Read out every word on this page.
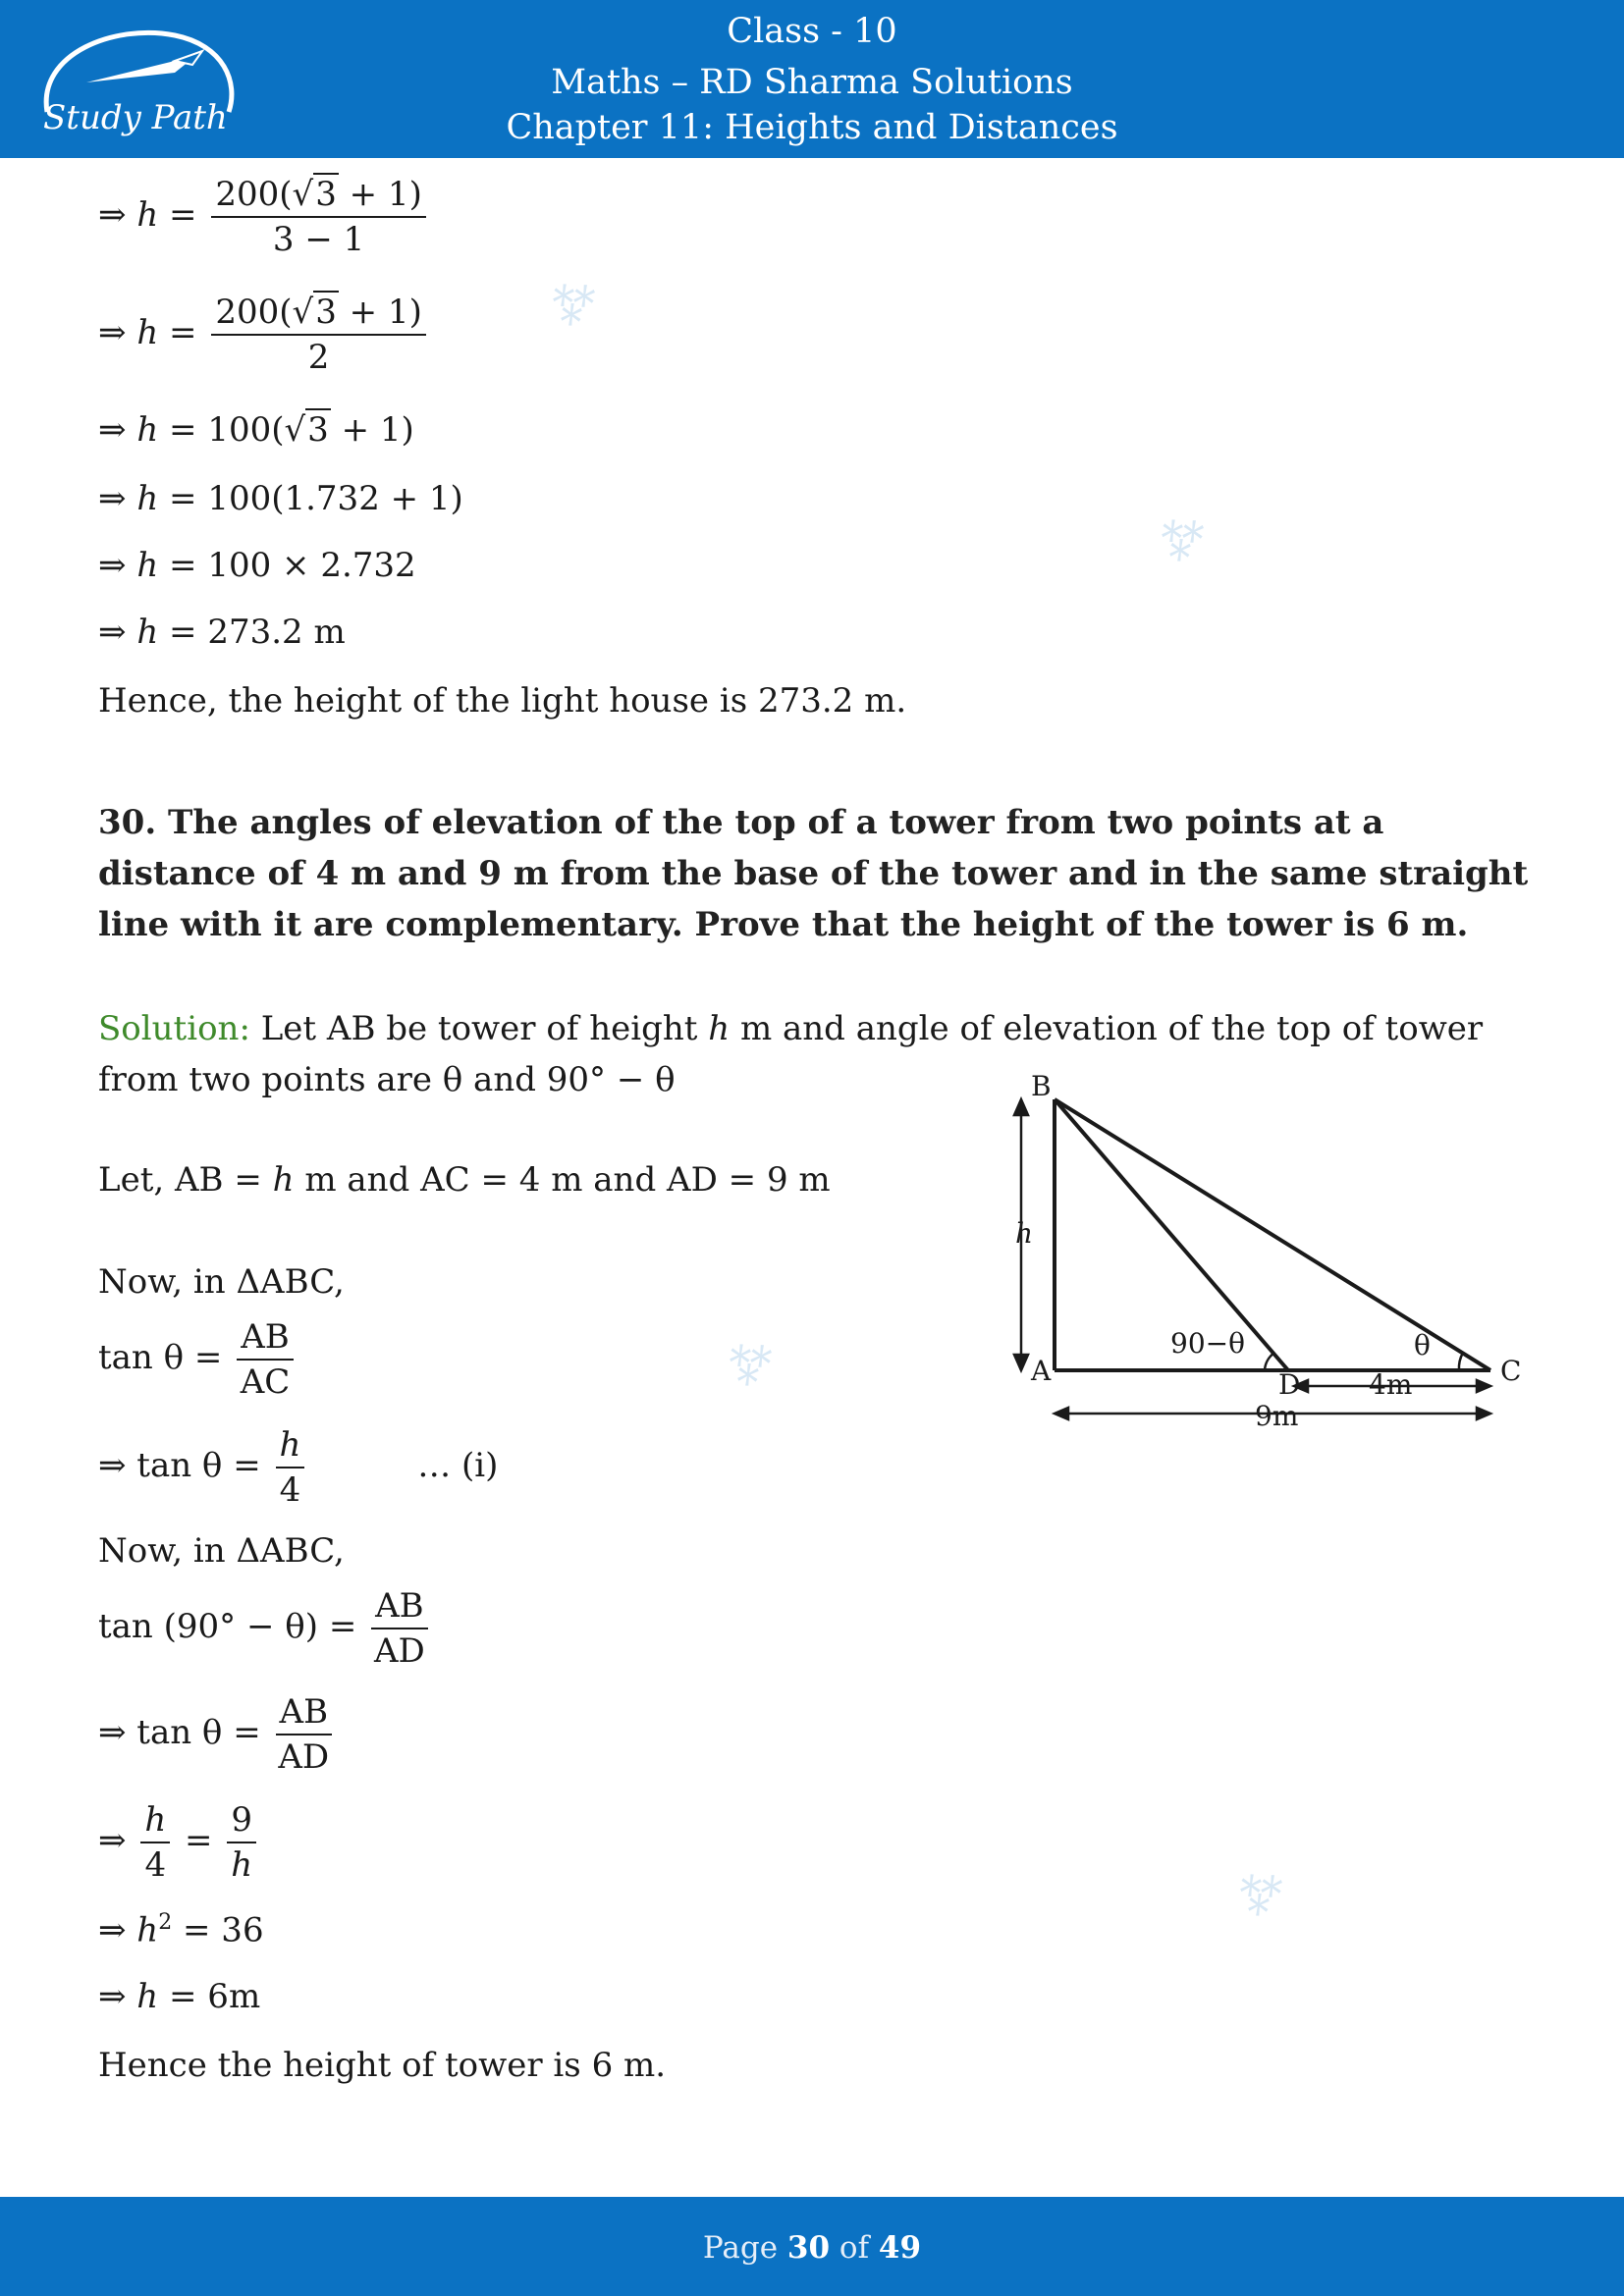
⁂
⁂
⁂
⁂
Study Path
Class - 10
Maths – RD Sharma Solutions
Chapter 11: Heights and Distances
⇒ $h = \frac{200(√3 + 1)}{3 - 1}$
⇒ $h = \frac{200(√3 + 1)}{2}$
⇒ h = 100(√3 + 1)
⇒ h = 100(1.732 + 1)
⇒ h = 100 × 2.732
⇒ h = 273.2 m
Hence, the height of the light house is 273.2 m.
30. The angles of elevation of the top of a tower from two points at a distance of 4 m and 9 m from the base of the tower and in the same straight line with it are complementary. Prove that the height of the tower is 6 m.
Solution: Let AB be tower of height h m and angle of elevation of the top of tower from two points are θ and 90° − θ
Let, AB = h m and AC = 4 m and AD = 9 m
Now, in ΔABC,
$\tan \theta = \frac{AB}{AC}$
⇒ $\tan \theta = \frac{h}{4}$	… (i)
Now, in ΔABC,
$\tan (90^\circ - \theta) = \frac{AB}{AD}$
⇒ $\tan \theta = \frac{AB}{AD}$
⇒ $\frac{h}{4} = \frac{9}{h}$
⇒ $h^2 = 36$
⇒ h = 6m
Hence the height of tower is 6 m.
B
A	D	C
h
90−θ	θ
4m
9m
Page 30 of 49
